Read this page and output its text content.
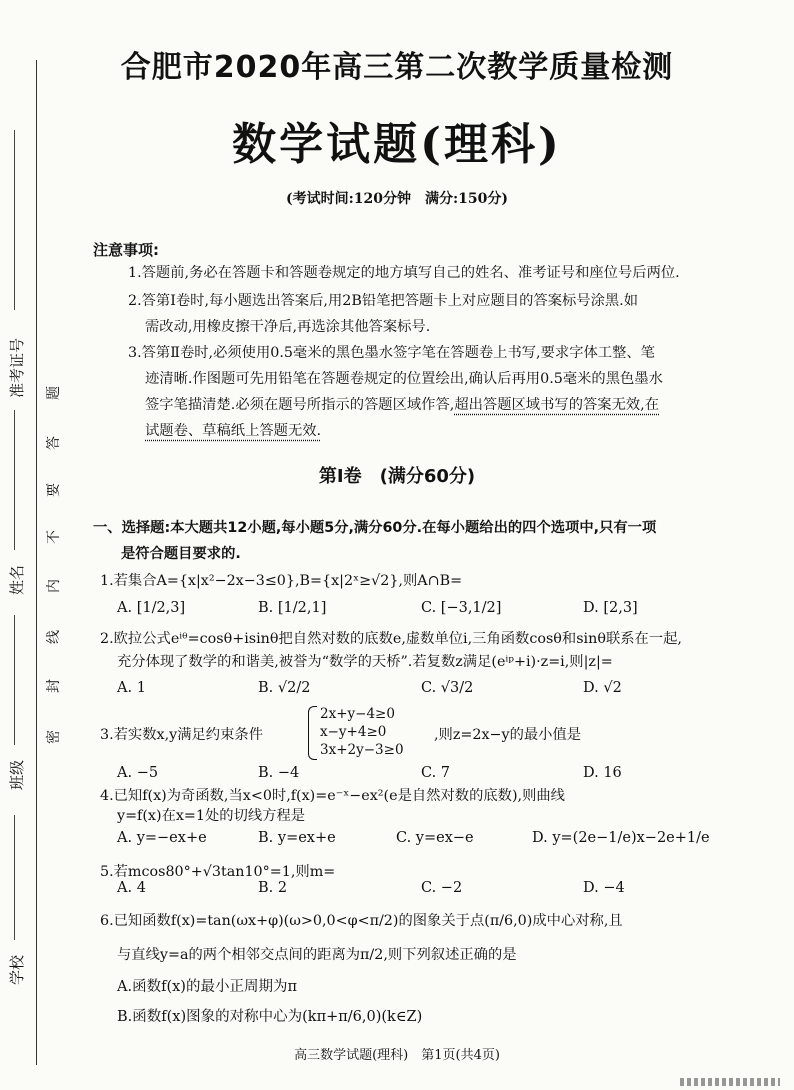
准考证号
姓名
班级
学校
题
答
要
不
内
线
封
密
合肥市2020年高三第二次教学质量检测
数学试题(理科)
(考试时间:120分钟　满分:150分)
注意事项:
1.答题前,务必在答题卡和答题卷规定的地方填写自己的姓名、准考证号和座位号后两位.
2.答第Ⅰ卷时,每小题选出答案后,用2B铅笔把答题卡上对应题目的答案标号涂黑.如
需改动,用橡皮擦干净后,再选涂其他答案标号.
3.答第Ⅱ卷时,必须使用0.5毫米的黑色墨水签字笔在答题卷上书写,要求字体工整、笔
迹清晰.作图题可先用铅笔在答题卷规定的位置绘出,确认后再用0.5毫米的黑色墨水
签字笔描清楚.必须在题号所指示的答题区域作答,超出答题区域书写的答案无效,在
试题卷、草稿纸上答题无效.
第Ⅰ卷　(满分60分)
一、选择题:本大题共12小题,每小题5分,满分60分.在每小题给出的四个选项中,只有一项
是符合题目要求的.
1.若集合A={x|x²−2x−3≤0},B={x|2ˣ≥√2},则A∩B=
A. [1/2,3]	B. [1/2,1]	C. [−3,1/2]	D. [2,3]
2.欧拉公式eⁱᶿ=cosθ+isinθ把自然对数的底数e,虚数单位i,三角函数cosθ和sinθ联系在一起,
充分体现了数学的和谐美,被誉为“数学的天桥”.若复数z满足(eⁱᵖ+i)·z=i,则|z|=
A. 1	B. √2/2	C. √3/2	D. √2
3.若实数x,y满足约束条件
2x+y−4≥0
x−y+4≥0
3x+2y−3≥0
,则z=2x−y的最小值是
A. −5	B. −4	C. 7	D. 16
4.已知f(x)为奇函数,当x<0时,f(x)=e⁻ˣ−ex²(e是自然对数的底数),则曲线
y=f(x)在x=1处的切线方程是
A. y=−ex+e	B. y=ex+e	C. y=ex−e	D. y=(2e−1/e)x−2e+1/e
5.若mcos80°+√3tan10°=1,则m=
A. 4	B. 2	C. −2	D. −4
6.已知函数f(x)=tan(ωx+φ)(ω>0,0<φ<π/2)的图象关于点(π/6,0)成中心对称,且
与直线y=a的两个相邻交点间的距离为π/2,则下列叙述正确的是
A.函数f(x)的最小正周期为π
B.函数f(x)图象的对称中心为(kπ+π/6,0)(k∈Z)
高三数学试题(理科)　第1页(共4页)
